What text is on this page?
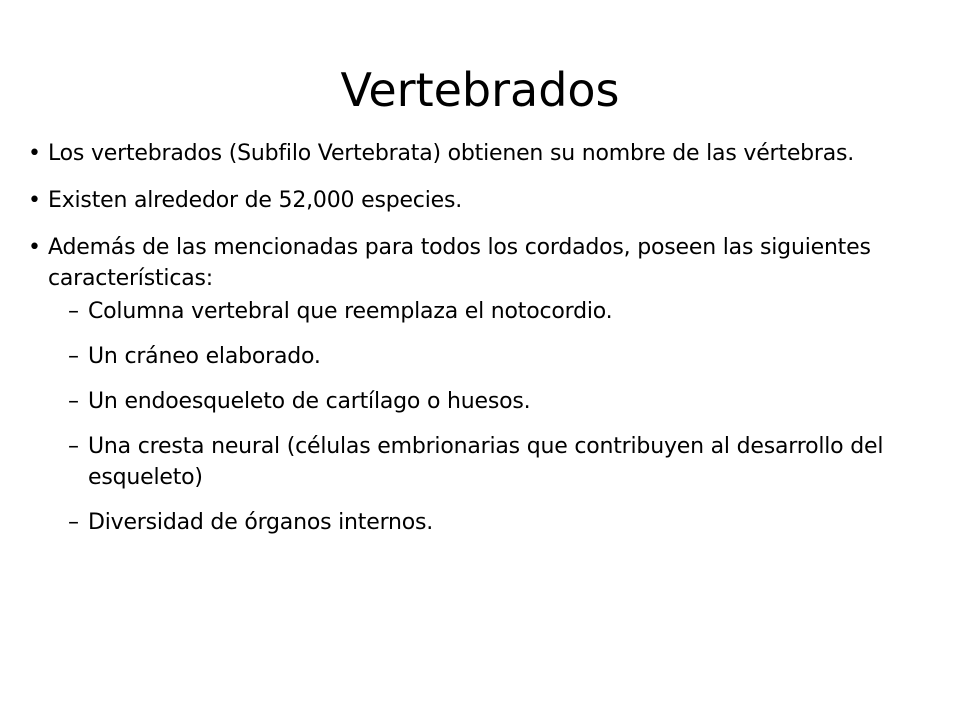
Vertebrados
• Los vertebrados (Subfilo Vertebrata) obtienen su nombre de las vértebras.
• Existen alrededor de 52,000 especies.
• Además de las mencionadas para todos los cordados, poseen las siguientes características:
– Columna vertebral que reemplaza el notocordio.
– Un cráneo elaborado.
– Un endoesqueleto de cartílago o huesos.
– Una cresta neural (células embrionarias que contribuyen al desarrollo del esqueleto)
– Diversidad de órganos internos.
